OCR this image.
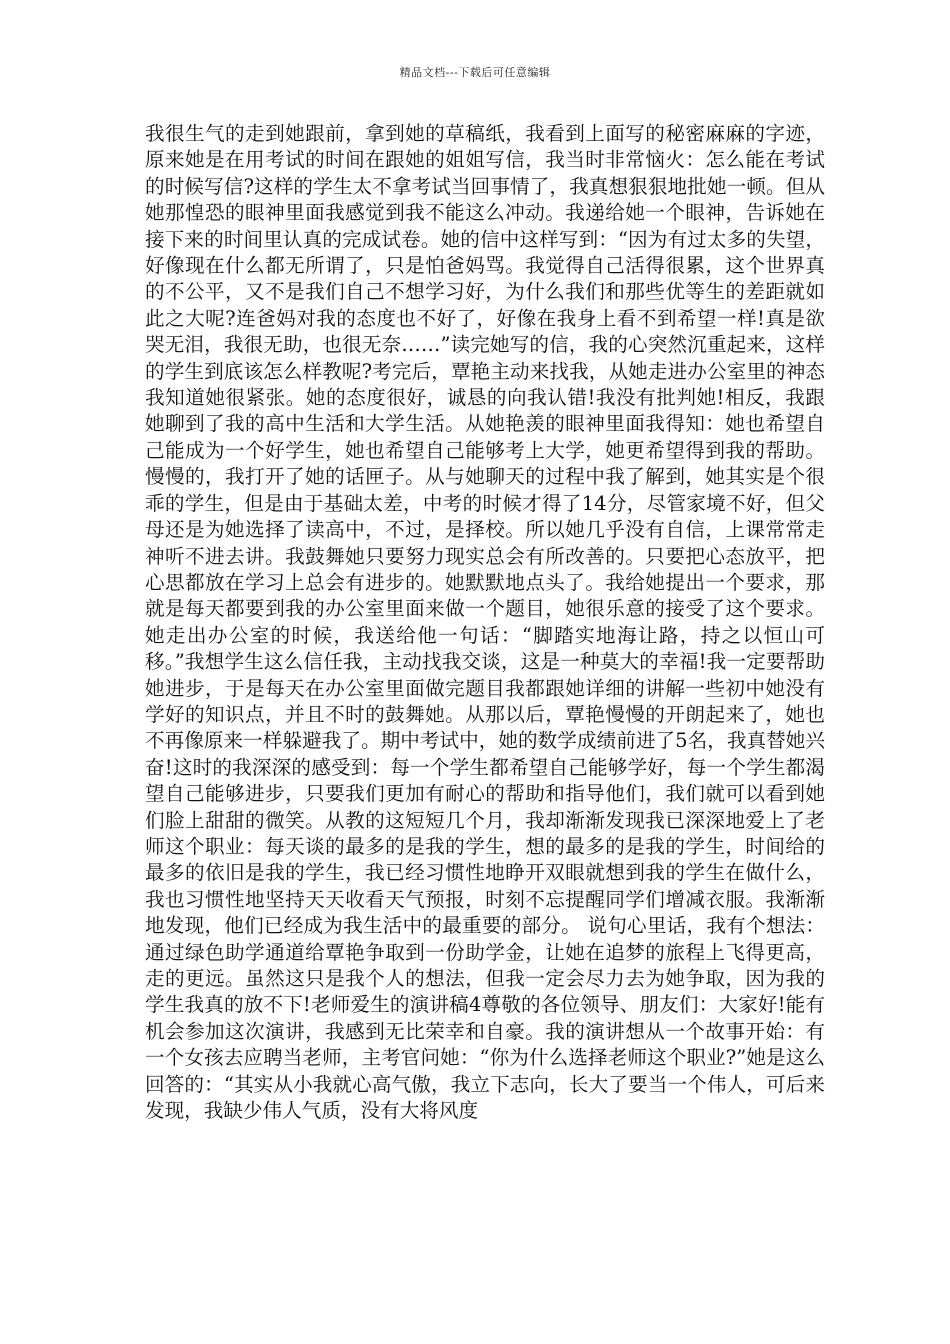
精品文档---下载后可任意编辑

我很生气的走到她跟前，拿到她的草稿纸，我看到上面写的秘密麻麻的字迹，原来她是在用考试的时间在跟她的姐姐写信，我当时非常恼火：怎么能在考试的时候写信?这样的学生太不拿考试当回事情了，我真想狠狠地批她一顿。但从她那惶恐的眼神里面我感觉到我不能这么冲动。我递给她一个眼神，告诉她在接下来的时间里认真的完成试卷。她的信中这样写到：“因为有过太多的失望，好像现在什么都无所谓了，只是怕爸妈骂。我觉得自己活得很累，这个世界真的不公平，又不是我们自己不想学习好，为什么我们和那些优等生的差距就如此之大呢?连爸妈对我的态度也不好了，好像在我身上看不到希望一样!真是欲哭无泪，我很无助，也很无奈……”读完她写的信，我的心突然沉重起来，这样的学生到底该怎么样教呢?考完后，覃艳主动来找我，从她走进办公室里的神态我知道她很紧张。她的态度很好，诚恳的向我认错!我没有批判她!相反，我跟她聊到了我的高中生活和大学生活。从她艳羡的眼神里面我得知：她也希望自己能成为一个好学生，她也希望自己能够考上大学，她更希望得到我的帮助。慢慢的，我打开了她的话匣子。从与她聊天的过程中我了解到，她其实是个很乖的学生，但是由于基础太差，中考的时候才得了14分，尽管家境不好，但父母还是为她选择了读高中，不过，是择校。所以她几乎没有自信，上课常常走神听不进去讲。我鼓舞她只要努力现实总会有所改善的。只要把心态放平，把心思都放在学习上总会有进步的。她默默地点头了。我给她提出一个要求，那就是每天都要到我的办公室里面来做一个题目，她很乐意的接受了这个要求。她走出办公室的时候，我送给他一句话：“脚踏实地海让路，持之以恒山可移。”我想学生这么信任我，主动找我交谈，这是一种莫大的幸福!我一定要帮助她进步，于是每天在办公室里面做完题目我都跟她详细的讲解一些初中她没有学好的知识点，并且不时的鼓舞她。从那以后，覃艳慢慢的开朗起来了，她也不再像原来一样躲避我了。期中考试中，她的数学成绩前进了5名，我真替她兴奋!这时的我深深的感受到：每一个学生都希望自己能够学好，每一个学生都渴望自己能够进步，只要我们更加有耐心的帮助和指导他们，我们就可以看到她们脸上甜甜的微笑。从教的这短短几个月，我却渐渐发现我已深深地爱上了老师这个职业：每天谈的最多的是我的学生，想的最多的是我的学生，时间给的最多的依旧是我的学生，我已经习惯性地睁开双眼就想到我的学生在做什么，我也习惯性地坚持天天收看天气预报，时刻不忘提醒同学们增减衣服。我渐渐地发现，他们已经成为我生活中的最重要的部分。 说句心里话，我有个想法：通过绿色助学通道给覃艳争取到一份助学金，让她在追梦的旅程上飞得更高，走的更远。虽然这只是我个人的想法，但我一定会尽力去为她争取，因为我的学生我真的放不下!老师爱生的演讲稿4尊敬的各位领导、朋友们：大家好!能有机会参加这次演讲，我感到无比荣幸和自豪。我的演讲想从一个故事开始：有一个女孩去应聘当老师，主考官问她：“你为什么选择老师这个职业?”她是这么回答的：“其实从小我就心高气傲，我立下志向，长大了要当一个伟人，可后来发现，我缺少伟人气质，没有大将风度
